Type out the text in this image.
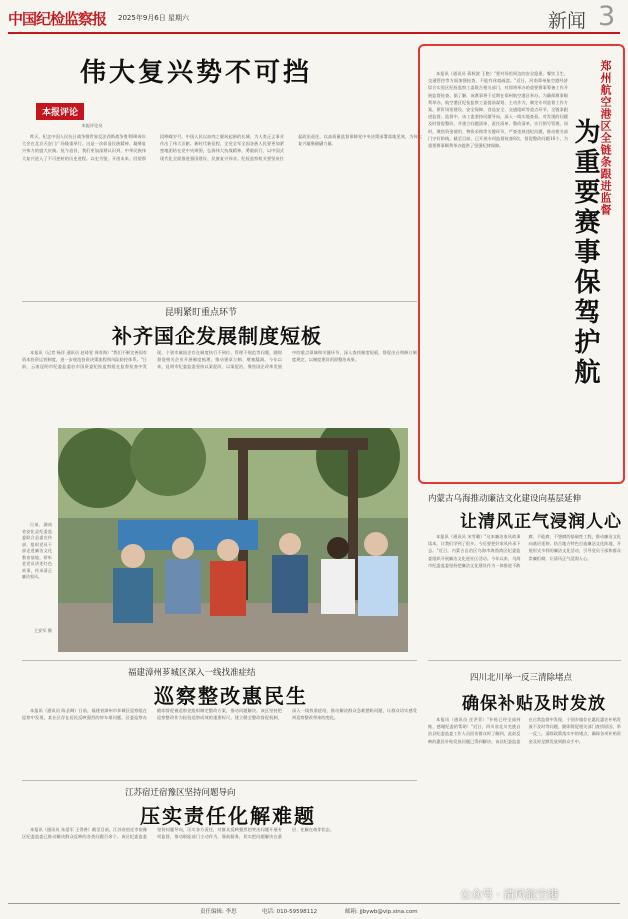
中国纪检监察报 2025年9月6日 星期六	新闻 3
伟大复兴势不可挡
本报评论
本报评论员

昨天，纪念中国人民抗日战争暨世界反法西斯战争胜利80周年大会在北京天安门广场隆重举行。这是一次彰显民族精神、凝聚复兴伟力的盛大庆典。抚今追昔，我们更加深刻认识到，中华民族伟大复兴进入了不可逆转的历史进程。以史为鉴，开创未来。回望那段峥嵘岁月，中国人民以血肉之躯筑起新的长城，为人类正义事业作出了伟大贡献。新时代新征程，全党全军全国各族人民要更加紧密地团结在党中央周围，弘扬伟大抗战精神，勇毅前行，以中国式现代化全面推进强国建设、民族复兴伟业。纪检监察机关要坚决扛起政治责任，以高质量监督保障党中央决策部署落地见效，为伟大复兴凝聚磅礴力量。

本报讯（通讯员 蒋秋波 王艳）"要对场馆周边的安全隐患、餐饮卫生、交通管控等方面加强检查，不能有丝毫疏忽。"近日，河南郑州航空港经济综合实验区纪检监察工委联合相关部门，对即将举办的重要赛事筹备工作开展监督检查。据了解，该赛事将于近期在郑州航空港区举办。为确保赛事顺利举办，航空港区纪检监察工委提前谋划、主动作为，制定专项监督工作方案，紧盯场馆建设、安全保障、食品安全、交通组织等重点环节，全链条跟进监督。监督中，该工委坚持问题导向，深入一线实地查看，对发现的问题及时督促整改，并建立问题清单、责任清单、整改清单，实行销号管理。同时，聚焦资金使用、物资采购等关键环节，严查违规违纪问题，推动相关部门守好防线。截至目前，已开展专项监督检查8次，督促整改问题16个，为重要赛事顺利举办提供了坚强纪律保障。	为重要赛事保驾护航 郑州航空港区全链条跟进监督
昆明紧盯重点环节
补齐国企发展制度短板

本报讯（记者 杨洋 通讯员 赵琦雯 周寿海）"我们不断完善国有资本投资运营制度，进一步规范投资决策流程和风险防控体系。"日前，云南昆明市纪委监委驻市国资委纪检监察组在监督检查中发现，个别市属国企存在制度执行不到位、管理不规范等问题，随即督促相关企业开展制度梳理，推动建章立制、堵塞漏洞。今年以来，昆明市纪委监委坚持以案促改、以案促治，聚焦国企改革发展中的重点领域和关键环节，深入查找制度短板，督促出台和修订制度规定，以制度建设巩固整治成果。

日前，湖南省安化县纪委监委联合县委宣传部，组织党员干部走进廉洁文化教育基地，聆听老党员讲述红色故事，传承清正廉洁家风。

王安军 摄
内蒙古乌海推动廉洁文化建设向基层延伸
让清风正气浸润人心

本报讯（通讯员 宋雪璐）"这本廉洁家风故事读本，让我们学到了很多，今后要把好家风传承下去。"近日，内蒙古自治区乌海市海勃湾区纪委监委组织开展廉洁文化进社区活动。今年以来，乌海市纪委监委坚持把廉洁文化建设作为一体推进不敢腐、不能腐、不想腐的基础性工程，推动廉洁文化向基层延伸，结合地方特色打造廉洁文化阵地，开展形式多样的廉洁文化活动，引导党员干部和群众崇廉拒腐，让清风正气浸润人心。

福建漳州芗城区深入一线找准症结
巡察整改惠民生

本报讯（通讯员 陈圣琳）日前，福建省漳州市芗城区巡察组在巡察中发现，某社区存在居民反映强烈的停车难问题。区委巡察办随即督促被巡察党组织制定整改方案，推动问题解决。该区坚持把巡察整改作为检验巡察成效的重要标尺，建立健全整改督促机制，深入一线找准症结，推动解决群众急难愁盼问题，让群众切实感受到巡察整改带来的变化。

江苏宿迁宿豫区坚持问题导向
压实责任化解难题

本报讯（通讯员 朱延军 王得善）截至目前，江苏省宿迁市宿豫区纪委监委已推动解决群众反映的各类问题百余个。该区纪委监委坚持问题导向，压实各方责任，对群众反映强烈的突出问题开展专项监督，推动职能部门主动作为、靠前服务，切实把问题解决在基层、化解在萌芽状态。

四川北川举一反三清除堵点
确保补贴及时发放

本报讯（通讯员 任洪菲）"补贴已经全部到账，感谢纪委的帮助！"近日，四川省北川羌族自治县纪委监委工作人员回访群众时了解到，此前反映的惠民补贴发放问题已得到解决。该县纪委监委在日常监督中发现，个别乡镇存在惠民惠农补贴发放不及时等问题，随即督促相关部门查找原因、举一反三，清除政策落实中的堵点，确保各项补贴资金及时足额发放到群众手中。

责任编辑: 李思	电话: 010-59598112	邮箱: jjbywb@vip.sina.com
公众号 · 清风航空港
